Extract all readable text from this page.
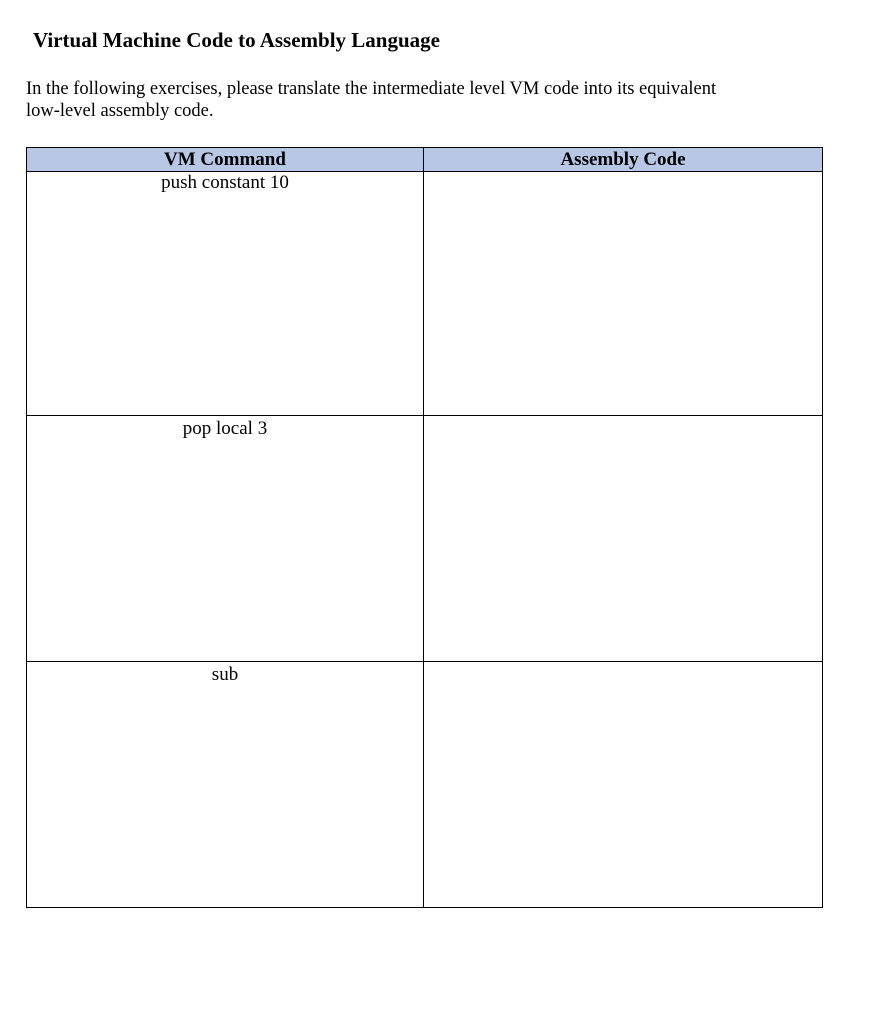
Virtual Machine Code to Assembly Language
In the following exercises, please translate the intermediate level VM code into its equivalent
low-level assembly code.
VM Command	Assembly Code
push constant 10	
pop local 3	
sub	
